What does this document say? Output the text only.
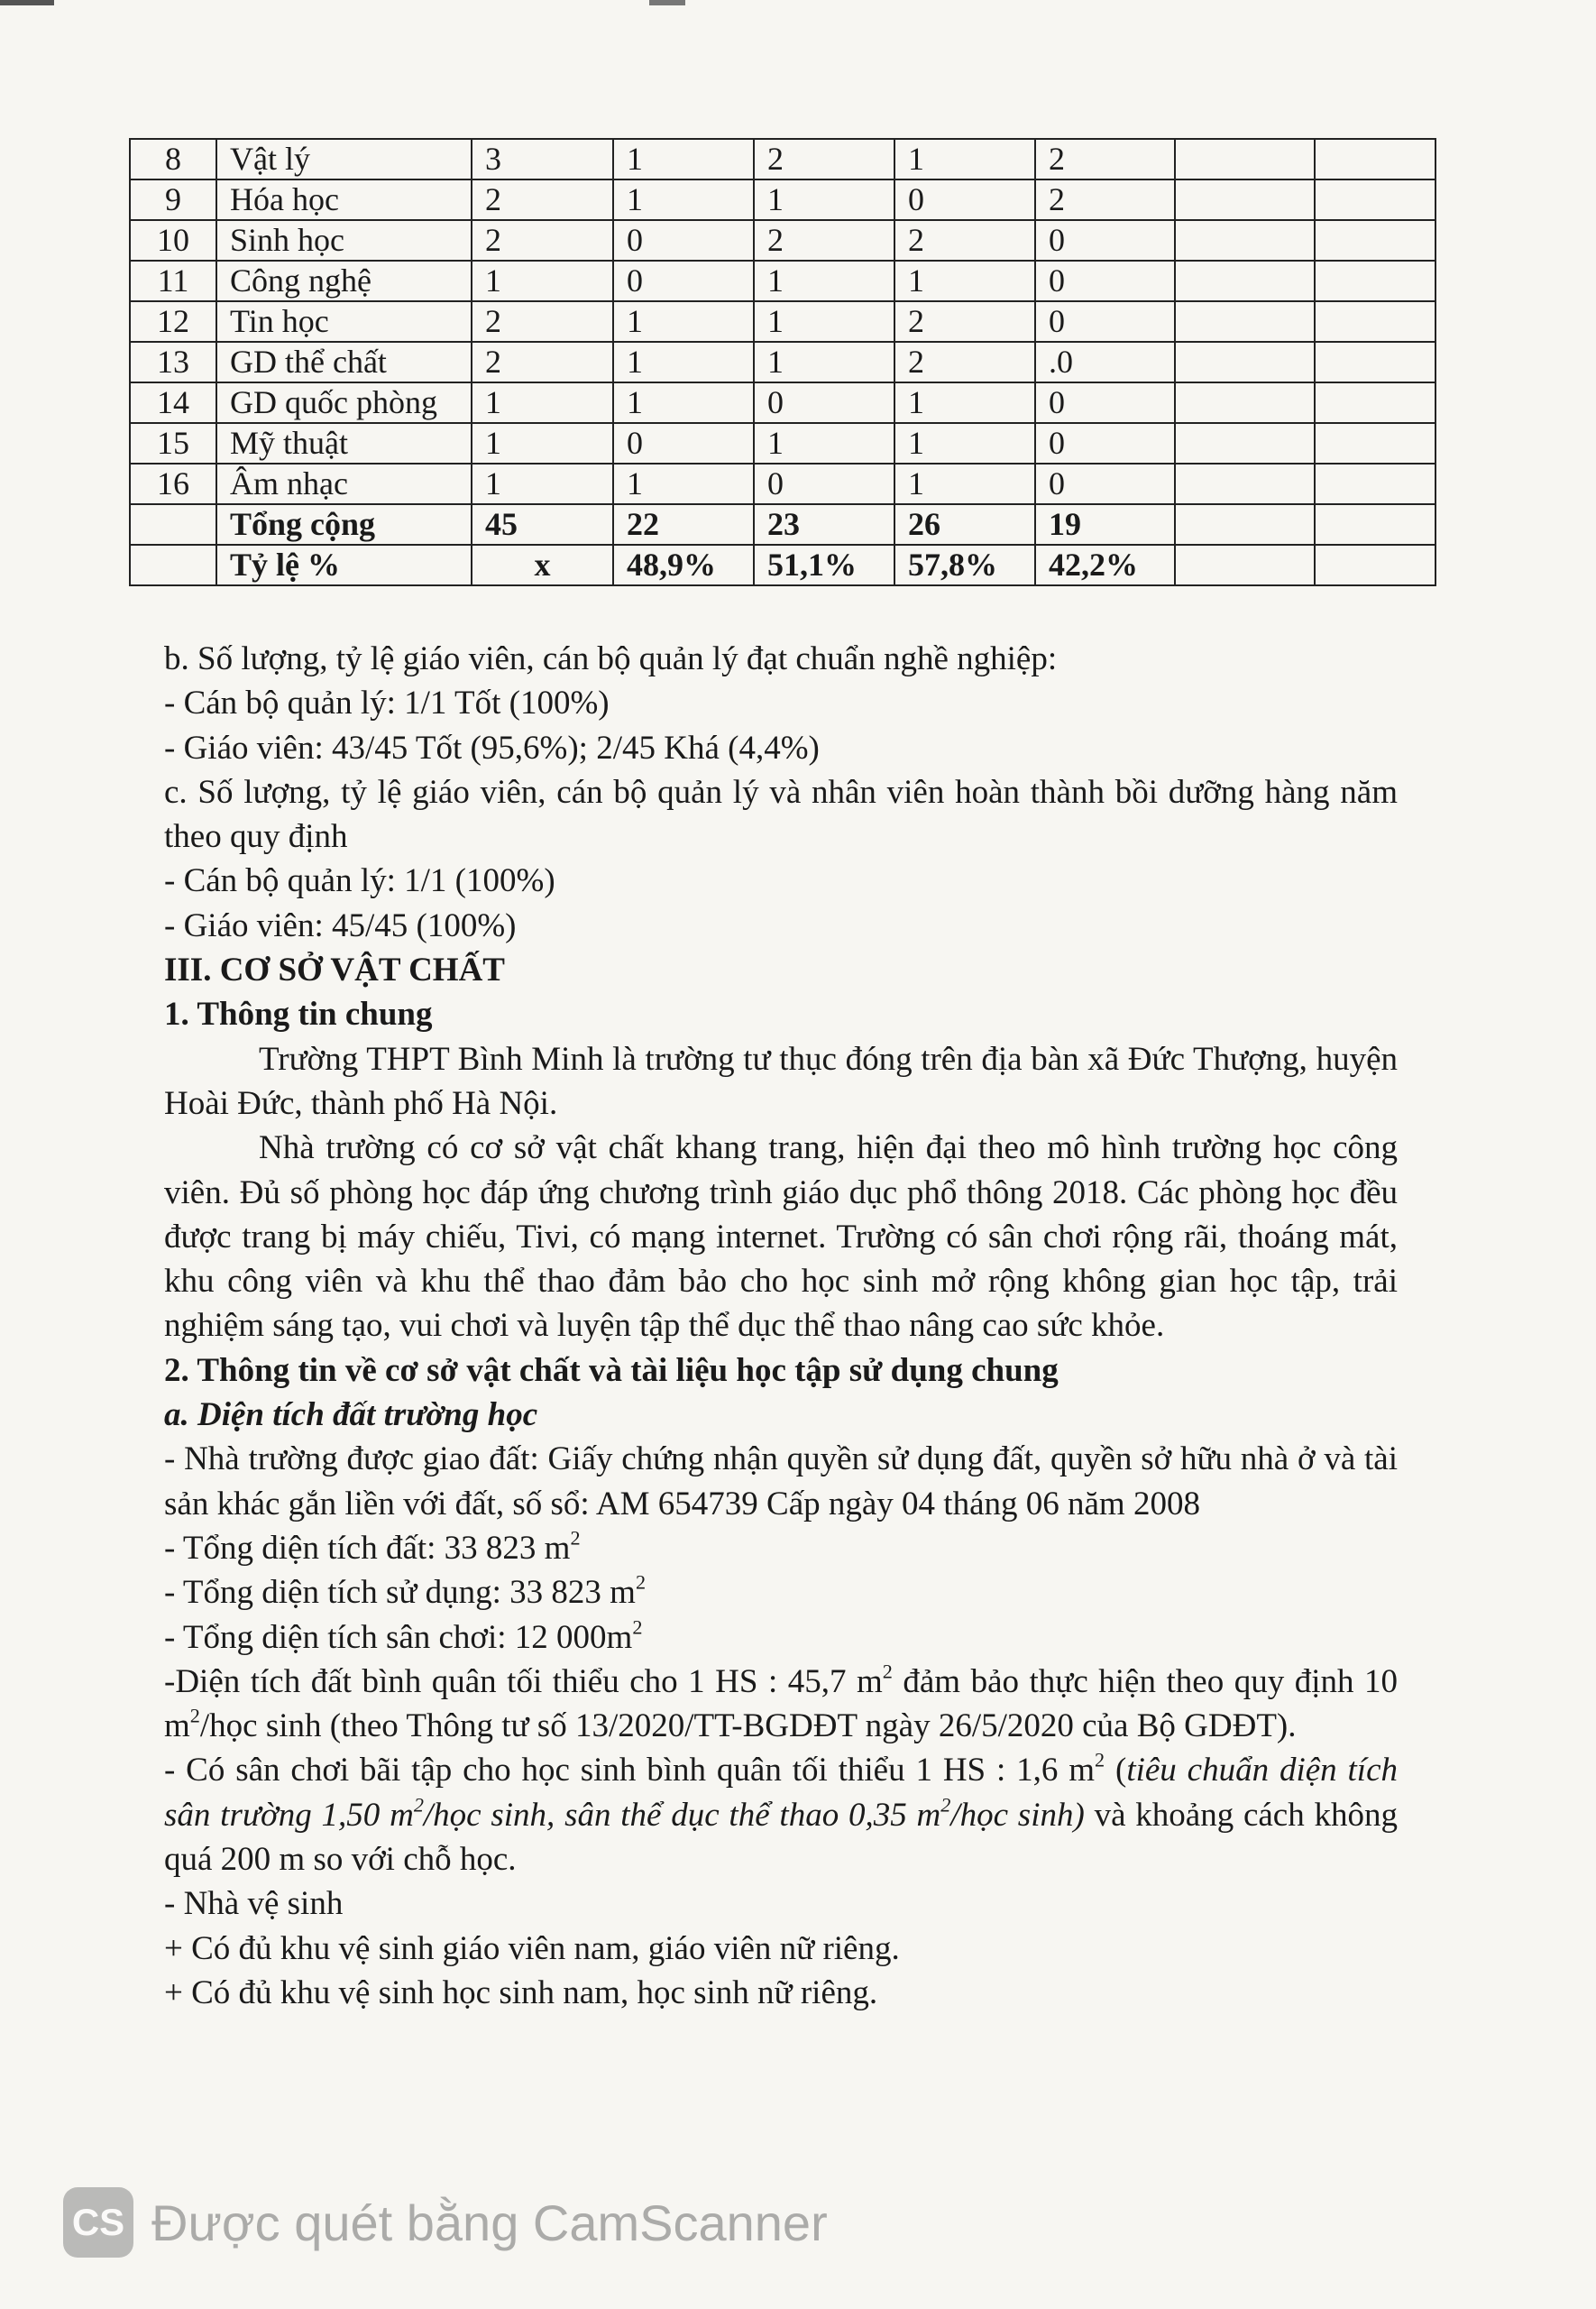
8	Vật lý	3	1	2	1	2		
9	Hóa học	2	1	1	0	2		
10	Sinh học	2	0	2	2	0		
11	Công nghệ	1	0	1	1	0		
12	Tin học	2	1	1	2	0		
13	GD thể chất	2	1	1	2	.0		
14	GD quốc phòng	1	1	0	1	0		
15	Mỹ thuật	1	0	1	1	0		
16	Âm nhạc	1	1	0	1	0		
	Tổng cộng	45	22	23	26	19		
	Tỷ lệ %	x	48,9%	51,1%	57,8%	42,2%		

b. Số lượng, tỷ lệ giáo viên, cán bộ quản lý đạt chuẩn nghề nghiệp:

- Cán bộ quản lý: 1/1 Tốt (100%)

- Giáo viên: 43/45 Tốt (95,6%); 2/45 Khá (4,4%)

c. Số lượng, tỷ lệ giáo viên, cán bộ quản lý và nhân viên hoàn thành bồi dưỡng hàng năm theo quy định

- Cán bộ quản lý: 1/1 (100%)

- Giáo viên: 45/45 (100%)

III. CƠ SỞ VẬT CHẤT

1. Thông tin chung

Trường THPT Bình Minh là trường tư thục đóng trên địa bàn xã Đức Thượng, huyện Hoài Đức, thành phố Hà Nội.

Nhà trường có cơ sở vật chất khang trang, hiện đại theo mô hình trường học công viên. Đủ số phòng học đáp ứng chương trình giáo dục phổ thông 2018. Các phòng học đều được trang bị máy chiếu, Tivi, có mạng internet. Trường có sân chơi rộng rãi, thoáng mát, khu công viên và khu thể thao đảm bảo cho học sinh mở rộng không gian học tập, trải nghiệm sáng tạo, vui chơi và luyện tập thể dục thể thao nâng cao sức khỏe.

2. Thông tin về cơ sở vật chất và tài liệu học tập sử dụng chung

a. Diện tích đất trường học

- Nhà trường được giao đất: Giấy chứng nhận quyền sử dụng đất, quyền sở hữu nhà ở và tài sản khác gắn liền với đất, số sổ: AM 654739 Cấp ngày 04 tháng 06 năm 2008

- Tổng diện tích đất: 33 823 $m^2$

- Tổng diện tích sử dụng: 33 823 $m^2$

- Tổng diện tích sân chơi: 12 $000m^2$

-Diện tích đất bình quân tối thiểu cho 1 HS : 45,7 $m^2$ đảm bảo thực hiện theo quy định 10 $m^2$/học sinh (theo Thông tư số 13/2020/TT-BGDĐT ngày 26/5/2020 của Bộ GDĐT).

- Có sân chơi bãi tập cho học sinh bình quân tối thiểu 1 HS : 1,6 $m^2$ (tiêu chuẩn diện tích sân trường 1,50 $m^2$/học sinh, sân thể dục thể thao 0,35 $m^2$/học sinh) và khoảng cách không quá 200 m so với chỗ học.

- Nhà vệ sinh

+ Có đủ khu vệ sinh giáo viên nam, giáo viên nữ riêng.

+ Có đủ khu vệ sinh học sinh nam, học sinh nữ riêng.

CS Được quét bằng CamScanner
